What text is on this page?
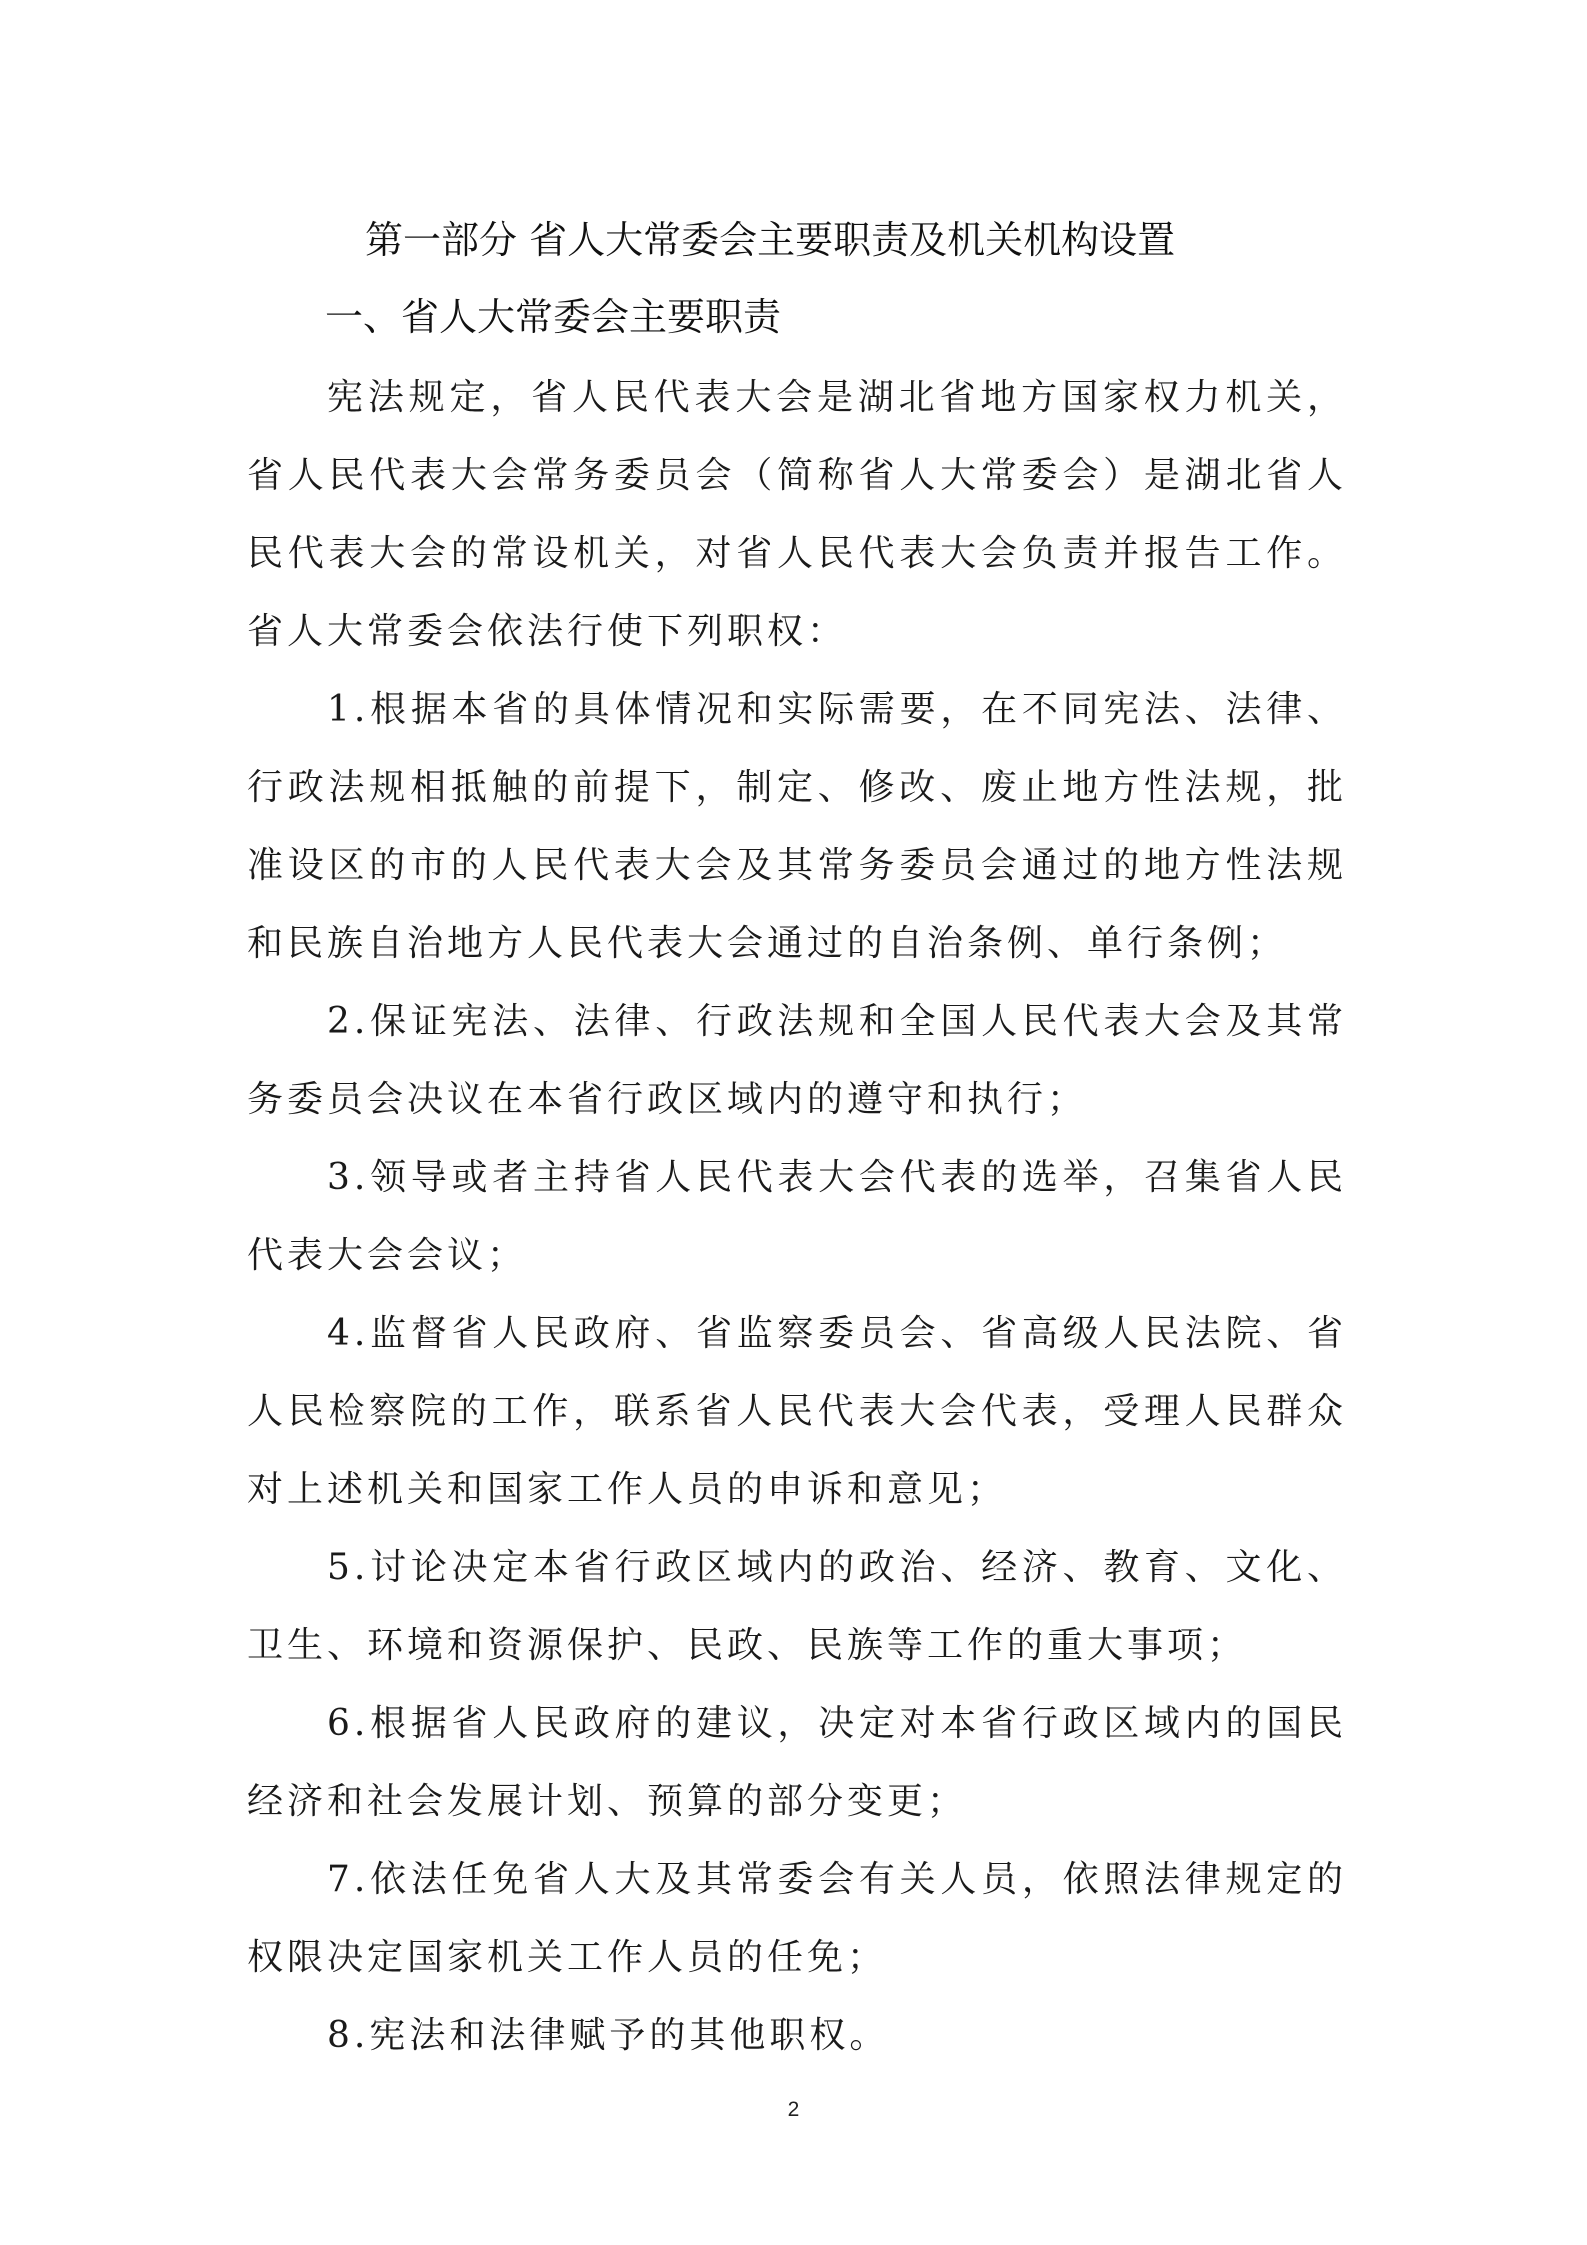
第一部分 省人大常委会主要职责及机关机构设置
一、省人大常委会主要职责

宪法规定，省人民代表大会是湖北省地方国家权力机关，省人民代表大会常务委员会（简称省人大常委会）是湖北省人民代表大会的常设机关，对省人民代表大会负责并报告工作。省人大常委会依法行使下列职权：

1.根据本省的具体情况和实际需要，在不同宪法、法律、行政法规相抵触的前提下，制定、修改、废止地方性法规，批准设区的市的人民代表大会及其常务委员会通过的地方性法规和民族自治地方人民代表大会通过的自治条例、单行条例；

2.保证宪法、法律、行政法规和全国人民代表大会及其常务委员会决议在本省行政区域内的遵守和执行；

3.领导或者主持省人民代表大会代表的选举，召集省人民代表大会会议；

4.监督省人民政府、省监察委员会、省高级人民法院、省人民检察院的工作，联系省人民代表大会代表，受理人民群众对上述机关和国家工作人员的申诉和意见；

5.讨论决定本省行政区域内的政治、经济、教育、文化、卫生、环境和资源保护、民政、民族等工作的重大事项；

6.根据省人民政府的建议，决定对本省行政区域内的国民经济和社会发展计划、预算的部分变更；

7.依法任免省人大及其常委会有关人员，依照法律规定的权限决定国家机关工作人员的任免；

8.宪法和法律赋予的其他职权。

2
